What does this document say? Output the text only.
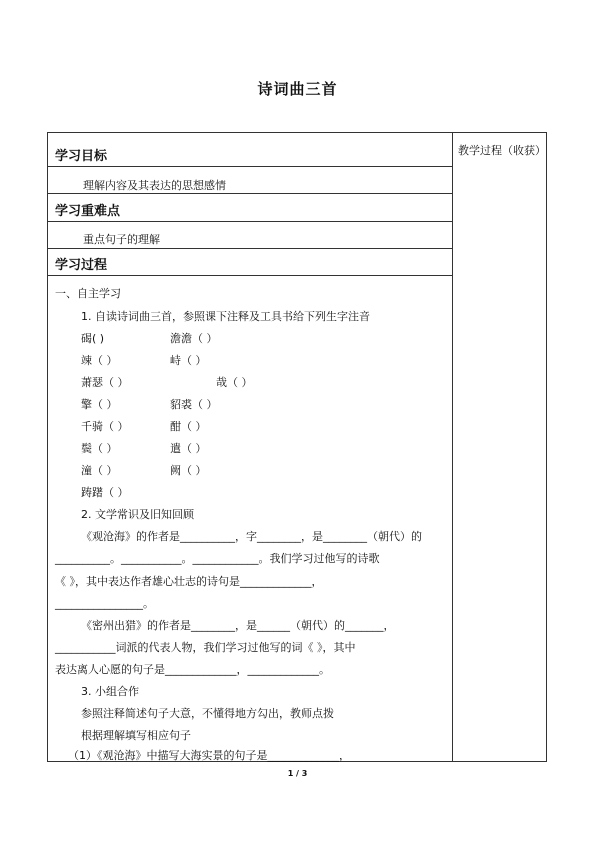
诗词曲三首
教学过程（收获）
学习目标
理解内容及其表达的思想感情
学习重难点
重点句子的理解
学习过程
一、自主学习
1. 自读诗词曲三首，参照课下注释及工具书给下列生字注音
碣( )	澹澹（ ）
竦（ ）	峙（ ）
萧瑟（ ）	哉（ ）
擎（ ）	貂裘（ ）
千骑（ ）	酣（ ）
鬓（ ）	遣（ ）
潼（ ）	阙（ ）
踌躇（ ）
2. 文学常识及旧知回顾
《观沧海》的作者是__________，字________，是________（朝代）的
__________。___________。____________。我们学习过他写的诗歌
《 》，其中表达作者雄心壮志的诗句是_____________，
________________。
《密州出猎》的作者是________，是______（朝代）的_______，
___________词派的代表人物，我们学习过他写的词《 》，其中
表达离人心愿的句子是_____________，_____________。
3. 小组合作
参照注释简述句子大意，不懂得地方勾出，教师点拨
根据理解填写相应句子
（1）《观沧海》中描写大海实景的句子是_____________，
1 / 3
